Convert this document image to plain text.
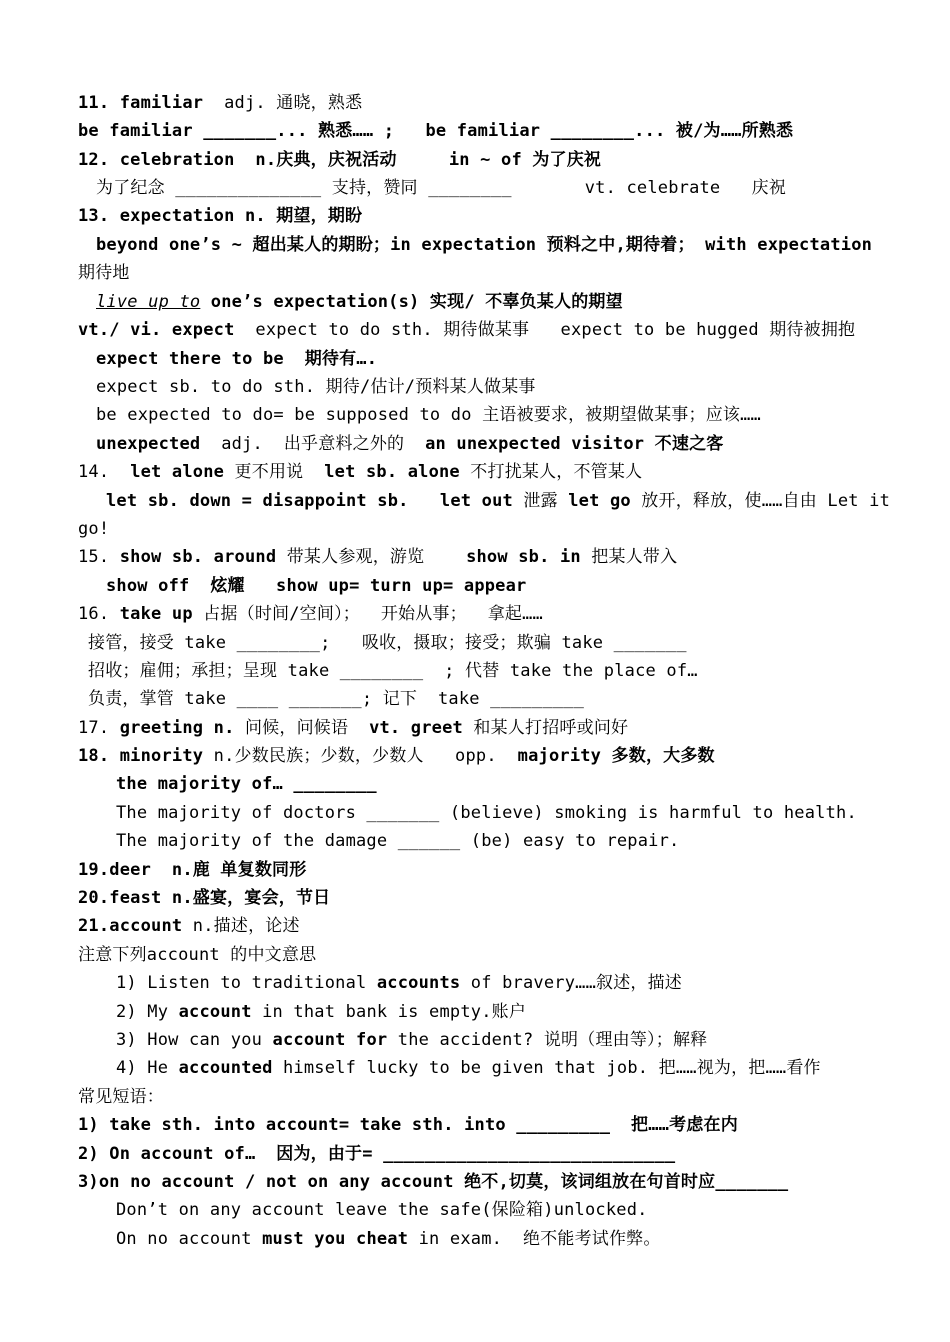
11. familiar  adj. 通晓，熟悉
be familiar _______... 熟悉…… ;   be familiar ________... 被/为……所熟悉
12. celebration  n.庆典，庆祝活动     in ~ of 为了庆祝
为了纪念 ______________ 支持，赞同 ________       vt. celebrate   庆祝
13. expectation n. 期望，期盼
beyond one’s ~ 超出某人的期盼；in expectation 预料之中,期待着； with expectation
期待地
live up to one’s expectation(s) 实现/ 不辜负某人的期望
vt./ vi. expect  expect to do sth. 期待做某事   expect to be hugged 期待被拥抱
expect there to be  期待有….
expect sb. to do sth. 期待/估计/预料某人做某事
be expected to do= be supposed to do 主语被要求，被期望做某事；应该……
unexpected  adj.  出乎意料之外的  an unexpected visitor 不速之客
14.  let alone 更不用说  let sb. alone 不打扰某人，不管某人
let sb. down = disappoint sb.   let out 泄露 let go 放开，释放，使……自由 Let it
go!
15. show sb. around 带某人参观，游览    show sb. in 把某人带入
show off  炫耀   show up= turn up= appear
16. take up 占据（时间/空间）；  开始从事；  拿起……
接管，接受 take ________;   吸收，摄取；接受；欺骗 take _______
招收；雇佣；承担；呈现 take ________  ; 代替 take the place of…
负责，掌管 take ____ _______; 记下  take _________
17. greeting n. 问候，问候语  vt. greet 和某人打招呼或问好
18. minority n.少数民族；少数，少数人   opp.  majority 多数，大多数
the majority of… ________
The majority of doctors _______ (believe) smoking is harmful to health.
The majority of the damage ______ (be) easy to repair.
19.deer  n.鹿 单复数同形
20.feast n.盛宴，宴会，节日
21.account n.描述，论述
注意下列account 的中文意思
1) Listen to traditional accounts of bravery……叙述，描述
2) My account in that bank is empty.账户
3) How can you account for the accident? 说明（理由等）；解释
4) He accounted himself lucky to be given that job. 把……视为，把……看作
常见短语：
1) take sth. into account= take sth. into _________  把……考虑在内
2) On account of…  因为，由于= ____________________________
3)on no account / not on any account 绝不,切莫，该词组放在句首时应_______
Don’t on any account leave the safe(保险箱)unlocked.
On no account must you cheat in exam.  绝不能考试作弊。
